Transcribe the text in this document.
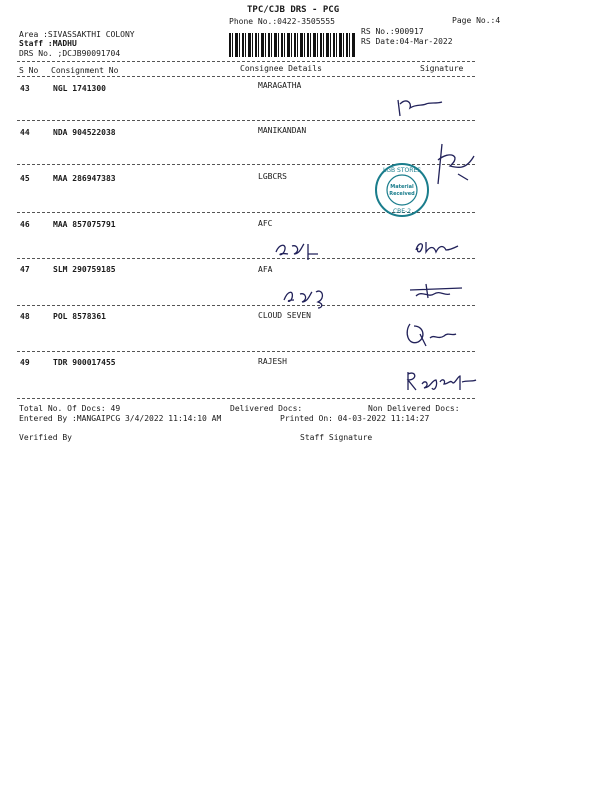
TPC/CJB DRS - PCG
Phone No.:0422-3505555	Page No.:4
Area :SIVASSAKTHI COLONY
Staff :MADHU
DRS No. ;DCJB90091704
RS No.:900917
RS Date:04-Mar-2022
S No Consignment No	Consignee Details	Signature
43	NGL 1741300	MARAGATHA
44	NDA 904522038	MANIKANDAN
45	MAA 286947383	LGBCRS
46	MAA 857075791	AFC
47	SLM 290759185	AFA
48	POL 8578361	CLOUD SEVEN
49	TDR 900017455	RAJESH
LGB STORES
Material
Received
CBE-2
Total No. Of Docs: 49	Delivered Docs:	Non Delivered Docs:
Entered By :MANGAIPCG 3/4/2022 11:14:10 AM	Printed On: 04-03-2022 11:14:27
Verified By	Staff Signature
